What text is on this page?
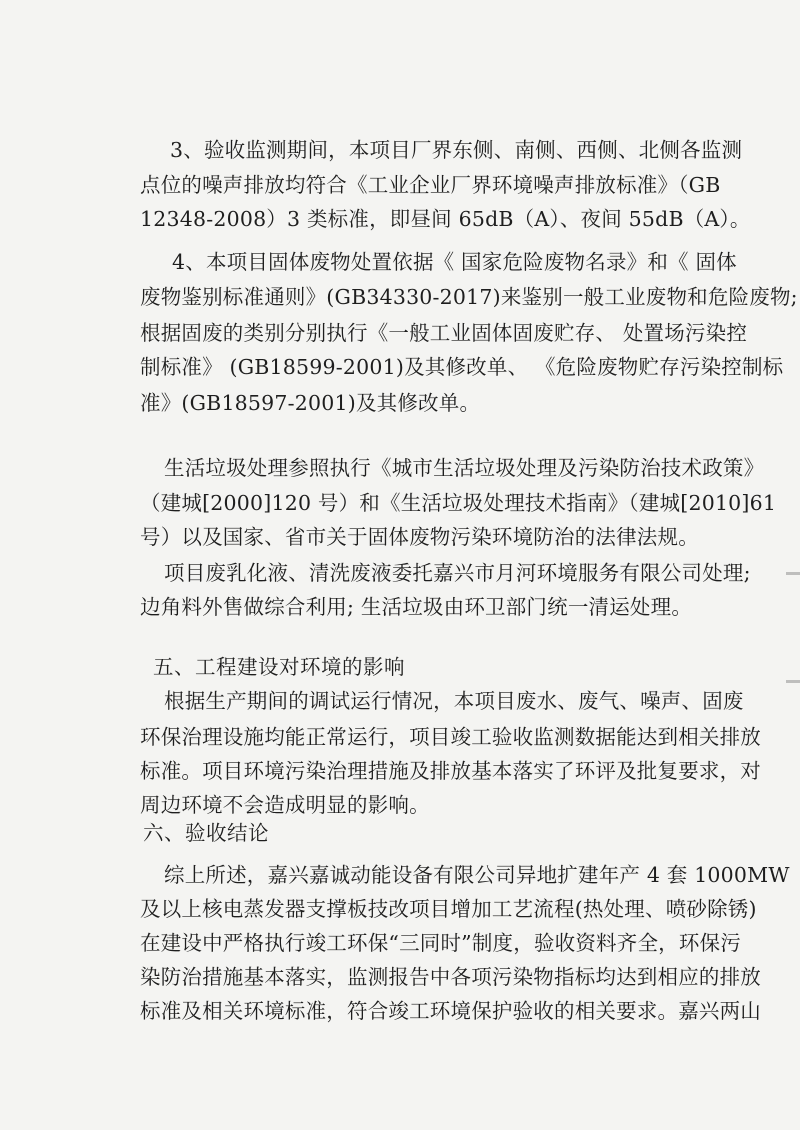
3、验收监测期间，本项目厂界东侧、南侧、西侧、北侧各监测
点位的噪声排放均符合《工业企业厂界环境噪声排放标准》（GB
12348-2008）3 类标准，即昼间 65dB（A）、夜间 55dB（A）。
4、本项目固体废物处置依据《 国家危险废物名录》和《 固体
废物鉴别标准通则》(GB34330-2017)来鉴别一般工业废物和危险废物;
根据固废的类别分别执行《一般工业固体固废贮存、 处置场污染控
制标准》 (GB18599-2001)及其修改单、 《危险废物贮存污染控制标
准》(GB18597-2001)及其修改单。
生活垃圾处理参照执行《城市生活垃圾处理及污染防治技术政策》
（建城[2000]120 号）和《生活垃圾处理技术指南》（建城[2010]61
号）以及国家、省市关于固体废物污染环境防治的法律法规。
项目废乳化液、清洗废液委托嘉兴市月河环境服务有限公司处理;
边角料外售做综合利用; 生活垃圾由环卫部门统一清运处理。
五、工程建设对环境的影响
根据生产期间的调试运行情况，本项目废水、废气、噪声、固废
环保治理设施均能正常运行，项目竣工验收监测数据能达到相关排放
标准。项目环境污染治理措施及排放基本落实了环评及批复要求，对
周边环境不会造成明显的影响。
六、验收结论
综上所述，嘉兴嘉诚动能设备有限公司异地扩建年产 4 套 1000MW
及以上核电蒸发器支撑板技改项目增加工艺流程(热处理、喷砂除锈)
在建设中严格执行竣工环保“三同时”制度，验收资料齐全，环保污
染防治措施基本落实，监测报告中各项污染物指标均达到相应的排放
标准及相关环境标准，符合竣工环境保护验收的相关要求。嘉兴两山
